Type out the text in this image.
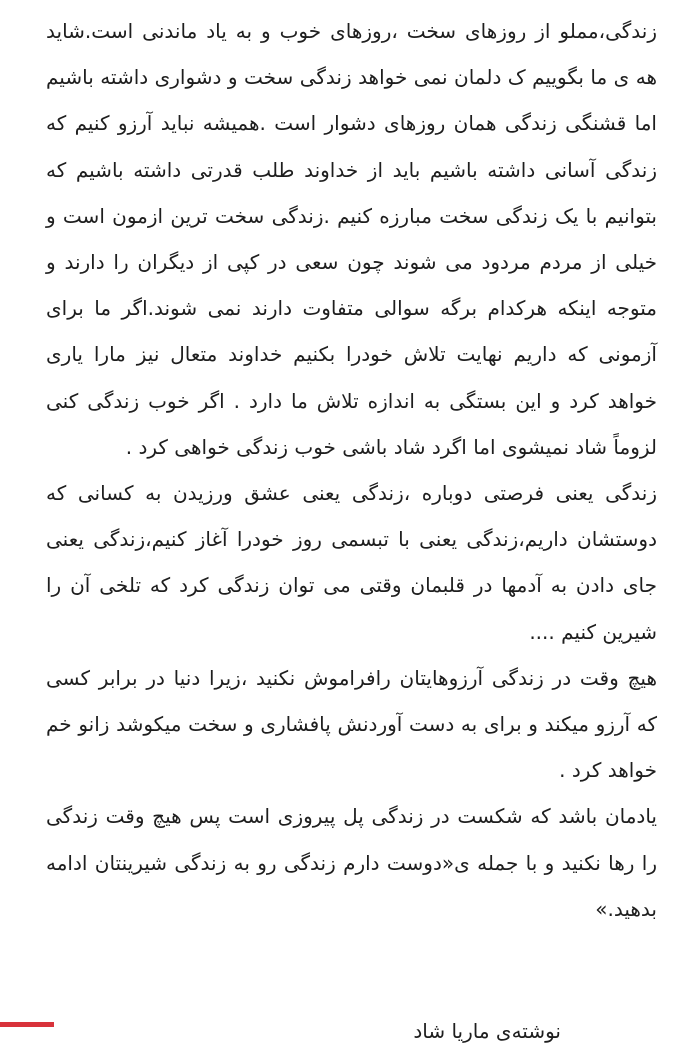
زندگی،مملو از روزهای سخت ،روزهای خوب و به یاد ماندنی است.شاید هه ی ما بگوییم ک دلمان نمی خواهد زندگی سخت و دشواری داشته باشیم اما قشنگی زندگی همان روزهای دشوار است .همیشه نباید آرزو کنیم که زندگی آسانی داشته باشیم باید از خداوند طلب قدرتی داشته باشیم که بتوانیم با یک زندگی سخت مبارزه کنیم .زندگی سخت ترین ازمون است و خیلی از مردم مردود می شوند چون سعی در کپی از دیگران را دارند و متوجه اینکه هرکدام برگه سوالی متفاوت دارند نمی شوند.اگر ما برای آزمونی که داریم نهایت تلاش خودرا بکنیم خداوند متعال نیز مارا یاری خواهد کرد و این بستگی به اندازه تلاش ما دارد . اگر خوب زندگی کنی لزوماً شاد نمیشوی اما اگرد شاد باشی خوب زندگی خواهی کرد .

زندگی یعنی فرصتی دوباره ،زندگی یعنی عشق ورزیدن به کسانی که دوستشان داریم،زندگی یعنی با تبسمی روز خودرا آغاز کنیم،زندگی یعنی جای دادن به آدمها در قلبمان وقتی می توان زندگی کرد که تلخی آن را شیرین کنیم ....

هیچ وقت در زندگی آرزوهایتان رافراموش نکنید ،زیرا دنیا در برابر کسی که آرزو میکند و برای به دست آوردنش پافشاری و سخت میکوشد زانو خم خواهد کرد .

یادمان باشد که شکست در زندگی پل پیروزی است پس هیچ وقت زندگی را رها نکنید و با جمله ی«دوست دارم زندگی رو به زندگی شیرینتان ادامه بدهید.»

نوشته‌ی ماریا شاد
